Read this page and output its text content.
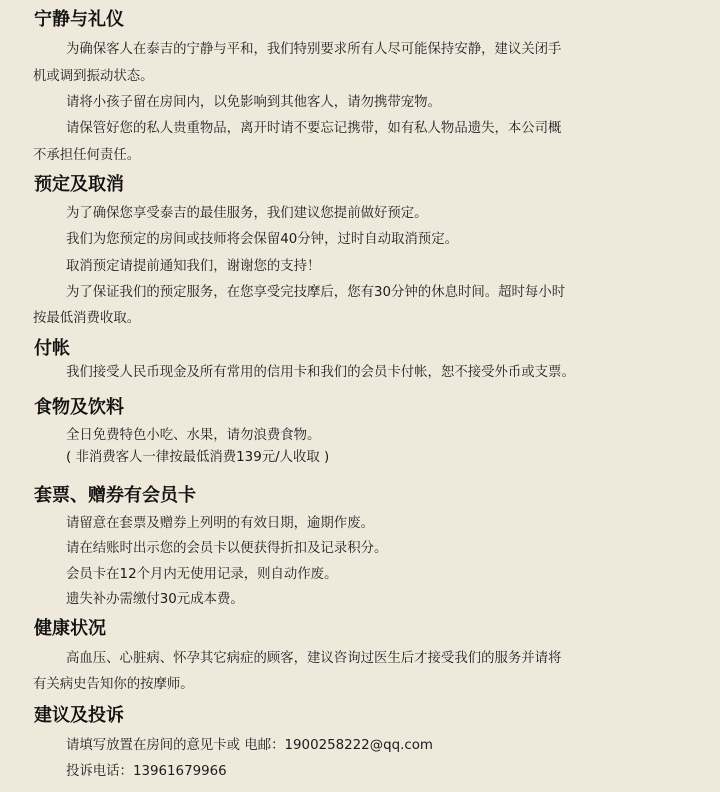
宁静与礼仪
为确保客人在泰吉的宁静与平和，我们特别要求所有人尽可能保持安静，建议关闭手
机或调到振动状态。
请将小孩子留在房间内，以免影响到其他客人，请勿携带宠物。
请保管好您的私人贵重物品，离开时请不要忘记携带，如有私人物品遗失，本公司概
不承担任何责任。
预定及取消
为了确保您享受泰吉的最佳服务，我们建议您提前做好预定。
我们为您预定的房间或技师将会保留40分钟，过时自动取消预定。
取消预定请提前通知我们，谢谢您的支持！
为了保证我们的预定服务，在您享受完技摩后，您有30分钟的休息时间。超时每小时
按最低消费收取。
付帐
我们接受人民币现金及所有常用的信用卡和我们的会员卡付帐，恕不接受外币或支票。
食物及饮料
全日免费特色小吃、水果，请勿浪费食物。
( 非消费客人一律按最低消费139元/人收取 )
套票、赠券有会员卡
请留意在套票及赠券上列明的有效日期，逾期作废。
请在结账时出示您的会员卡以便获得折扣及记录积分。
会员卡在12个月内无使用记录，则自动作废。
遗失补办需缴付30元成本费。
健康状况
高血压、心脏病、怀孕其它病症的顾客，建议咨询过医生后才接受我们的服务并请将
有关病史告知你的按摩师。
建议及投诉
请填写放置在房间的意见卡或 电邮：1900258222@qq.com
投诉电话：13961679966
